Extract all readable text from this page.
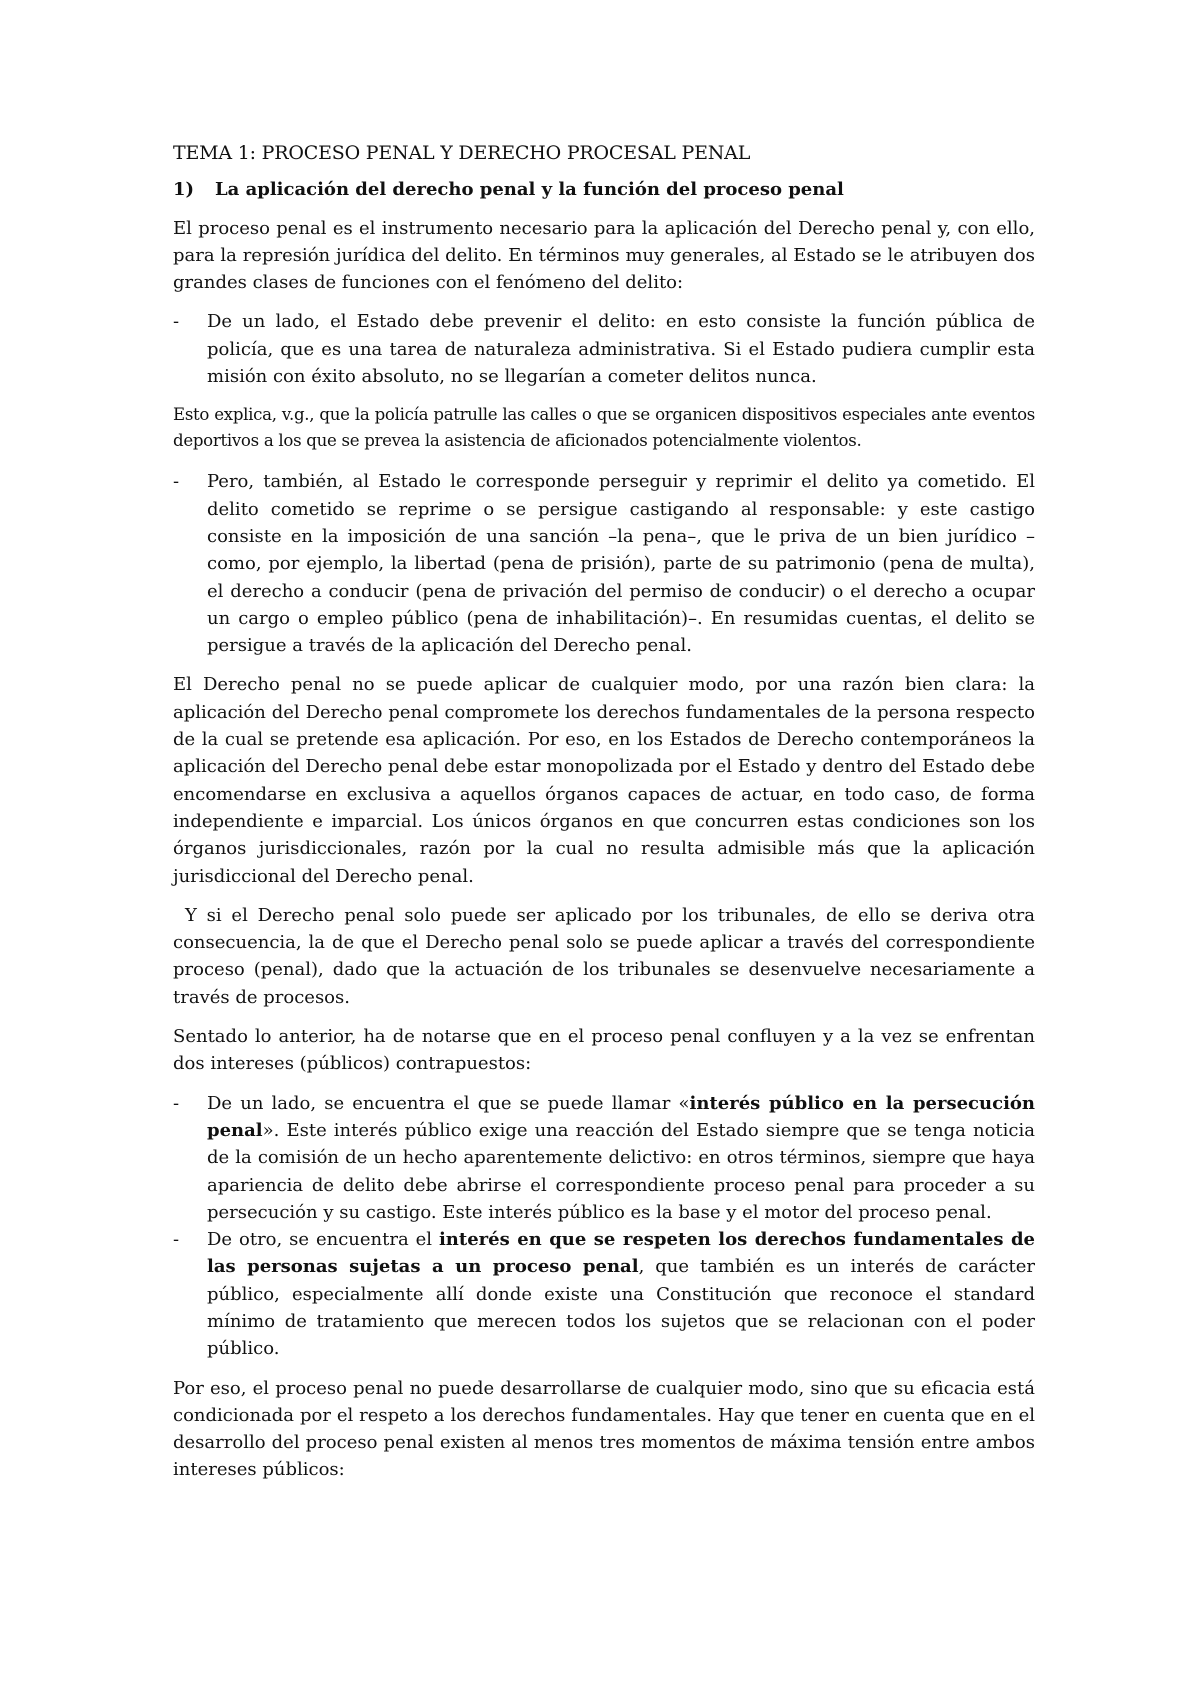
TEMA 1: PROCESO PENAL Y DERECHO PROCESAL PENAL
1)	La aplicación del derecho penal y la función del proceso penal

El proceso penal es el instrumento necesario para la aplicación del Derecho penal y, con ello, para la represión jurídica del delito. En términos muy generales, al Estado se le atribuyen dos grandes clases de funciones con el fenómeno del delito:

-	De un lado, el Estado debe prevenir el delito: en esto consiste la función pública de policía, que es una tarea de naturaleza administrativa. Si el Estado pudiera cumplir esta misión con éxito absoluto, no se llegarían a cometer delitos nunca.

Esto explica, v.g., que la policía patrulle las calles o que se organicen dispositivos especiales ante eventos deportivos a los que se prevea la asistencia de aficionados potencialmente violentos.

-	Pero, también, al Estado le corresponde perseguir y reprimir el delito ya cometido. El delito cometido se reprime o se persigue castigando al responsable: y este castigo consiste en la imposición de una sanción –la pena–, que le priva de un bien jurídico –como, por ejemplo, la libertad (pena de prisión), parte de su patrimonio (pena de multa), el derecho a conducir (pena de privación del permiso de conducir) o el derecho a ocupar un cargo o empleo público (pena de inhabilitación)–. En resumidas cuentas, el delito se persigue a través de la aplicación del Derecho penal.

El Derecho penal no se puede aplicar de cualquier modo, por una razón bien clara: la aplicación del Derecho penal compromete los derechos fundamentales de la persona respecto de la cual se pretende esa aplicación. Por eso, en los Estados de Derecho contemporáneos la aplicación del Derecho penal debe estar monopolizada por el Estado y dentro del Estado debe encomendarse en exclusiva a aquellos órganos capaces de actuar, en todo caso, de forma independiente e imparcial. Los únicos órganos en que concurren estas condiciones son los órganos jurisdiccionales, razón por la cual no resulta admisible más que la aplicación jurisdiccional del Derecho penal.

Y si el Derecho penal solo puede ser aplicado por los tribunales, de ello se deriva otra consecuencia, la de que el Derecho penal solo se puede aplicar a través del correspondiente proceso (penal), dado que la actuación de los tribunales se desenvuelve necesariamente a través de procesos.

Sentado lo anterior, ha de notarse que en el proceso penal confluyen y a la vez se enfrentan dos intereses (públicos) contrapuestos:

-	De un lado, se encuentra el que se puede llamar «interés público en la persecución penal». Este interés público exige una reacción del Estado siempre que se tenga noticia de la comisión de un hecho aparentemente delictivo: en otros términos, siempre que haya apariencia de delito debe abrirse el correspondiente proceso penal para proceder a su persecución y su castigo. Este interés público es la base y el motor del proceso penal.
-	De otro, se encuentra el interés en que se respeten los derechos fundamentales de las personas sujetas a un proceso penal, que también es un interés de carácter público, especialmente allí donde existe una Constitución que reconoce el standard mínimo de tratamiento que merecen todos los sujetos que se relacionan con el poder público.

Por eso, el proceso penal no puede desarrollarse de cualquier modo, sino que su eficacia está condicionada por el respeto a los derechos fundamentales. Hay que tener en cuenta que en el desarrollo del proceso penal existen al menos tres momentos de máxima tensión entre ambos intereses públicos:
